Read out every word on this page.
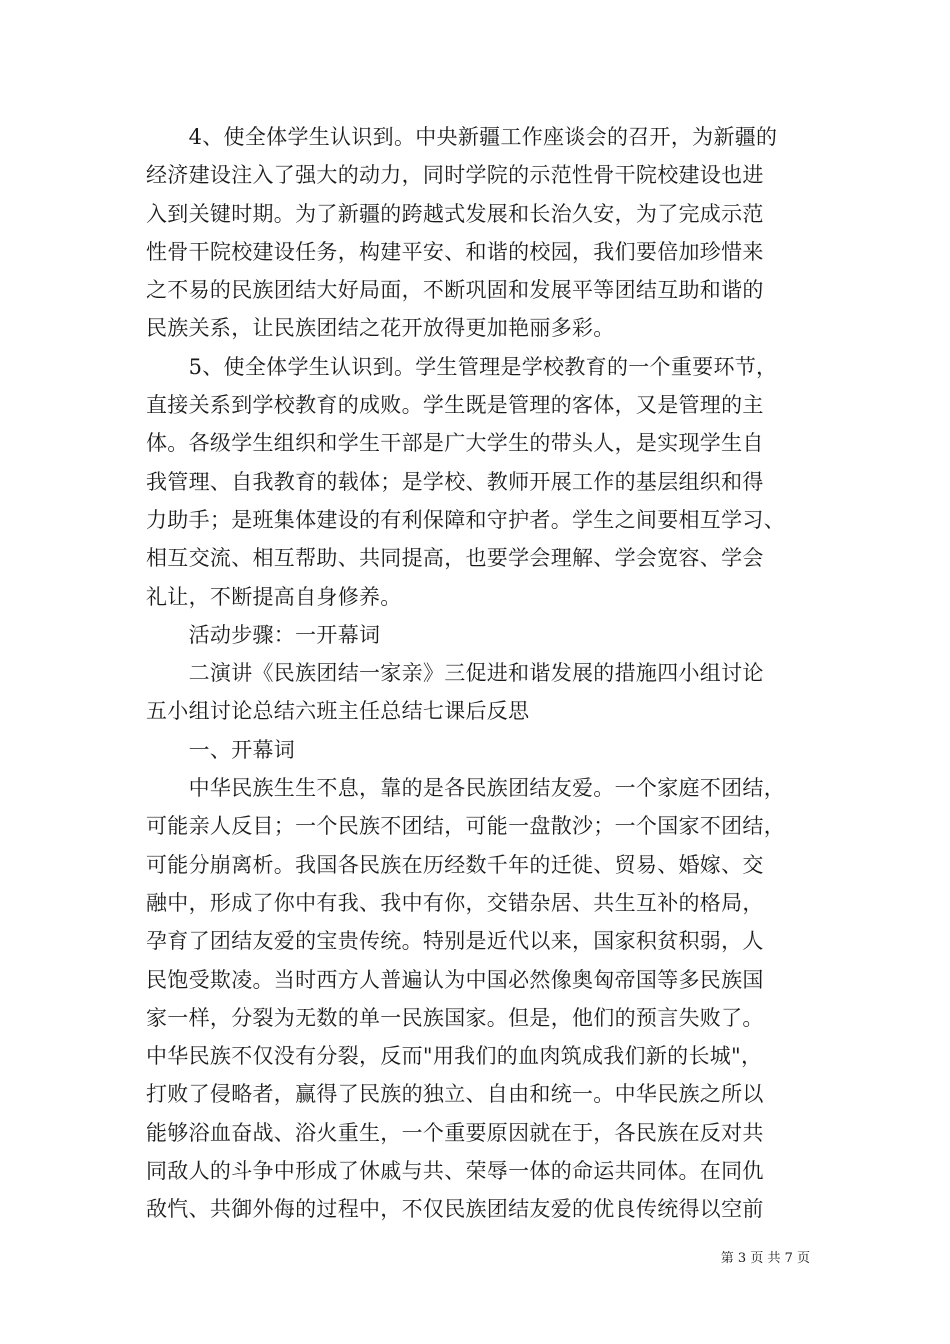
　　4、使全体学生认识到。中央新疆工作座谈会的召开，为新疆的
经济建设注入了强大的动力，同时学院的示范性骨干院校建设也进
入到关键时期。为了新疆的跨越式发展和长治久安，为了完成示范
性骨干院校建设任务，构建平安、和谐的校园，我们要倍加珍惜来
之不易的民族团结大好局面，不断巩固和发展平等团结互助和谐的
民族关系，让民族团结之花开放得更加艳丽多彩。
　　5、使全体学生认识到。学生管理是学校教育的一个重要环节，
直接关系到学校教育的成败。学生既是管理的客体，又是管理的主
体。各级学生组织和学生干部是广大学生的带头人，是实现学生自
我管理、自我教育的载体；是学校、教师开展工作的基层组织和得
力助手；是班集体建设的有利保障和守护者。学生之间要相互学习、
相互交流、相互帮助、共同提高，也要学会理解、学会宽容、学会
礼让，不断提高自身修养。
　　活动步骤：一开幕词
　　二演讲《民族团结一家亲》三促进和谐发展的措施四小组讨论
五小组讨论总结六班主任总结七课后反思
　　一、开幕词
　　中华民族生生不息，靠的是各民族团结友爱。一个家庭不团结，
可能亲人反目；一个民族不团结，可能一盘散沙；一个国家不团结，
可能分崩离析。我国各民族在历经数千年的迁徙、贸易、婚嫁、交
融中，形成了你中有我、我中有你，交错杂居、共生互补的格局，
孕育了团结友爱的宝贵传统。特别是近代以来，国家积贫积弱，人
民饱受欺凌。当时西方人普遍认为中国必然像奥匈帝国等多民族国
家一样，分裂为无数的单一民族国家。但是，他们的预言失败了。
中华民族不仅没有分裂，反而"用我们的血肉筑成我们新的长城"，
打败了侵略者，赢得了民族的独立、自由和统一。中华民族之所以
能够浴血奋战、浴火重生，一个重要原因就在于，各民族在反对共
同敌人的斗争中形成了休戚与共、荣辱一体的命运共同体。在同仇
敌忾、共御外侮的过程中，不仅民族团结友爱的优良传统得以空前
第 3 页 共 7 页
